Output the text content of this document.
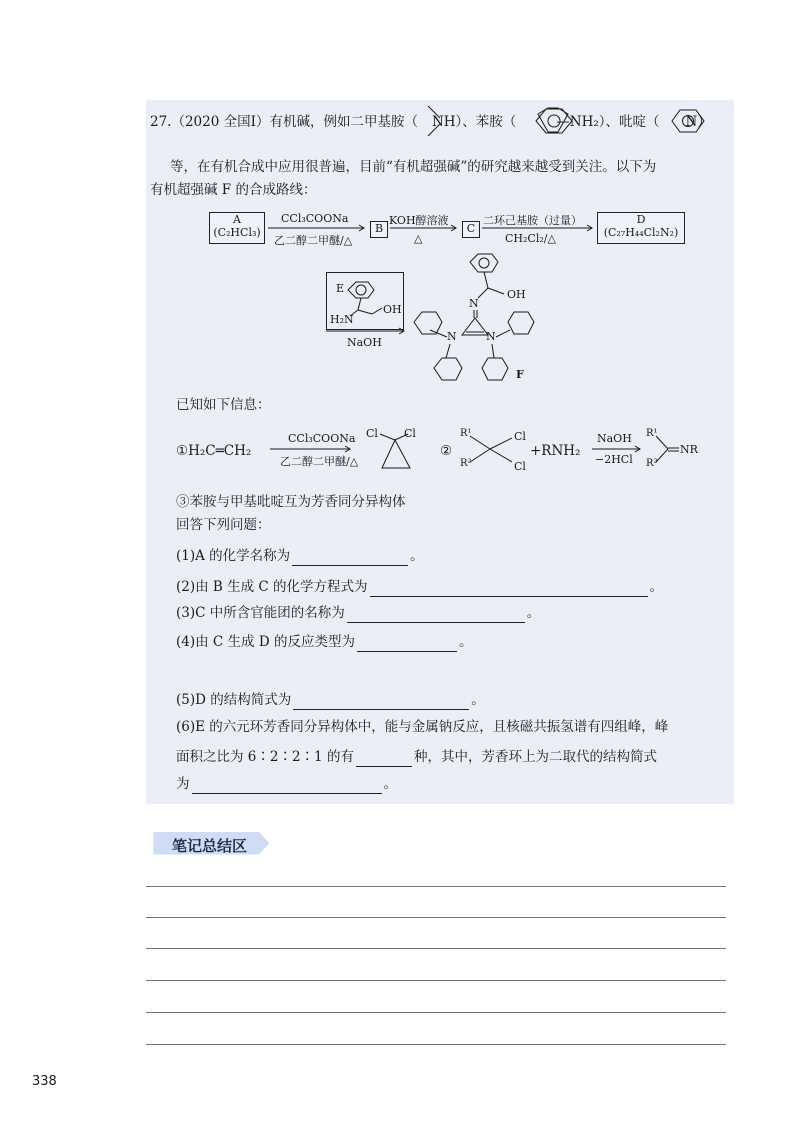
27.（2020 全国Ⅰ）有机碱，例如二甲基胺（ NH）、苯胺（	—NH₂）、吡啶（ N）
等，在有机合成中应用很普遍，目前“有机超强碱”的研究越来越受到关注。以下为
有机超强碱 F 的合成路线：
A
(C₂HCl₃)
CCl₃COONa
乙二醇二甲醚/△
B
KOH醇溶液
△
C
二环己基胺（过量）
CH₂Cl₂/△
D
(C₂₇H₄₄Cl₂N₂)
E
H₂N
OH
NaOH
F
N
OH
N	N
已知如下信息：
①H₂C═CH₂
CCl₃COONa
乙二醇二甲醚/△
Cl Cl
②
R¹
R²
Cl
Cl
+RNH₂
NaOH
−2HCl
R¹
R²
NR
③苯胺与甲基吡啶互为芳香同分异构体
回答下列问题：
(1)A 的化学名称为	。
(2)由 B 生成 C 的化学方程式为	。
(3)C 中所含官能团的名称为	。
(4)由 C 生成 D 的反应类型为	。
(5)D 的结构简式为	。
(6)E 的六元环芳香同分异构体中，能与金属钠反应，且核磁共振氢谱有四组峰，峰
面积之比为 6∶2∶2∶1 的有	种，其中，芳香环上为二取代的结构简式
为	。
笔记总结区
338
